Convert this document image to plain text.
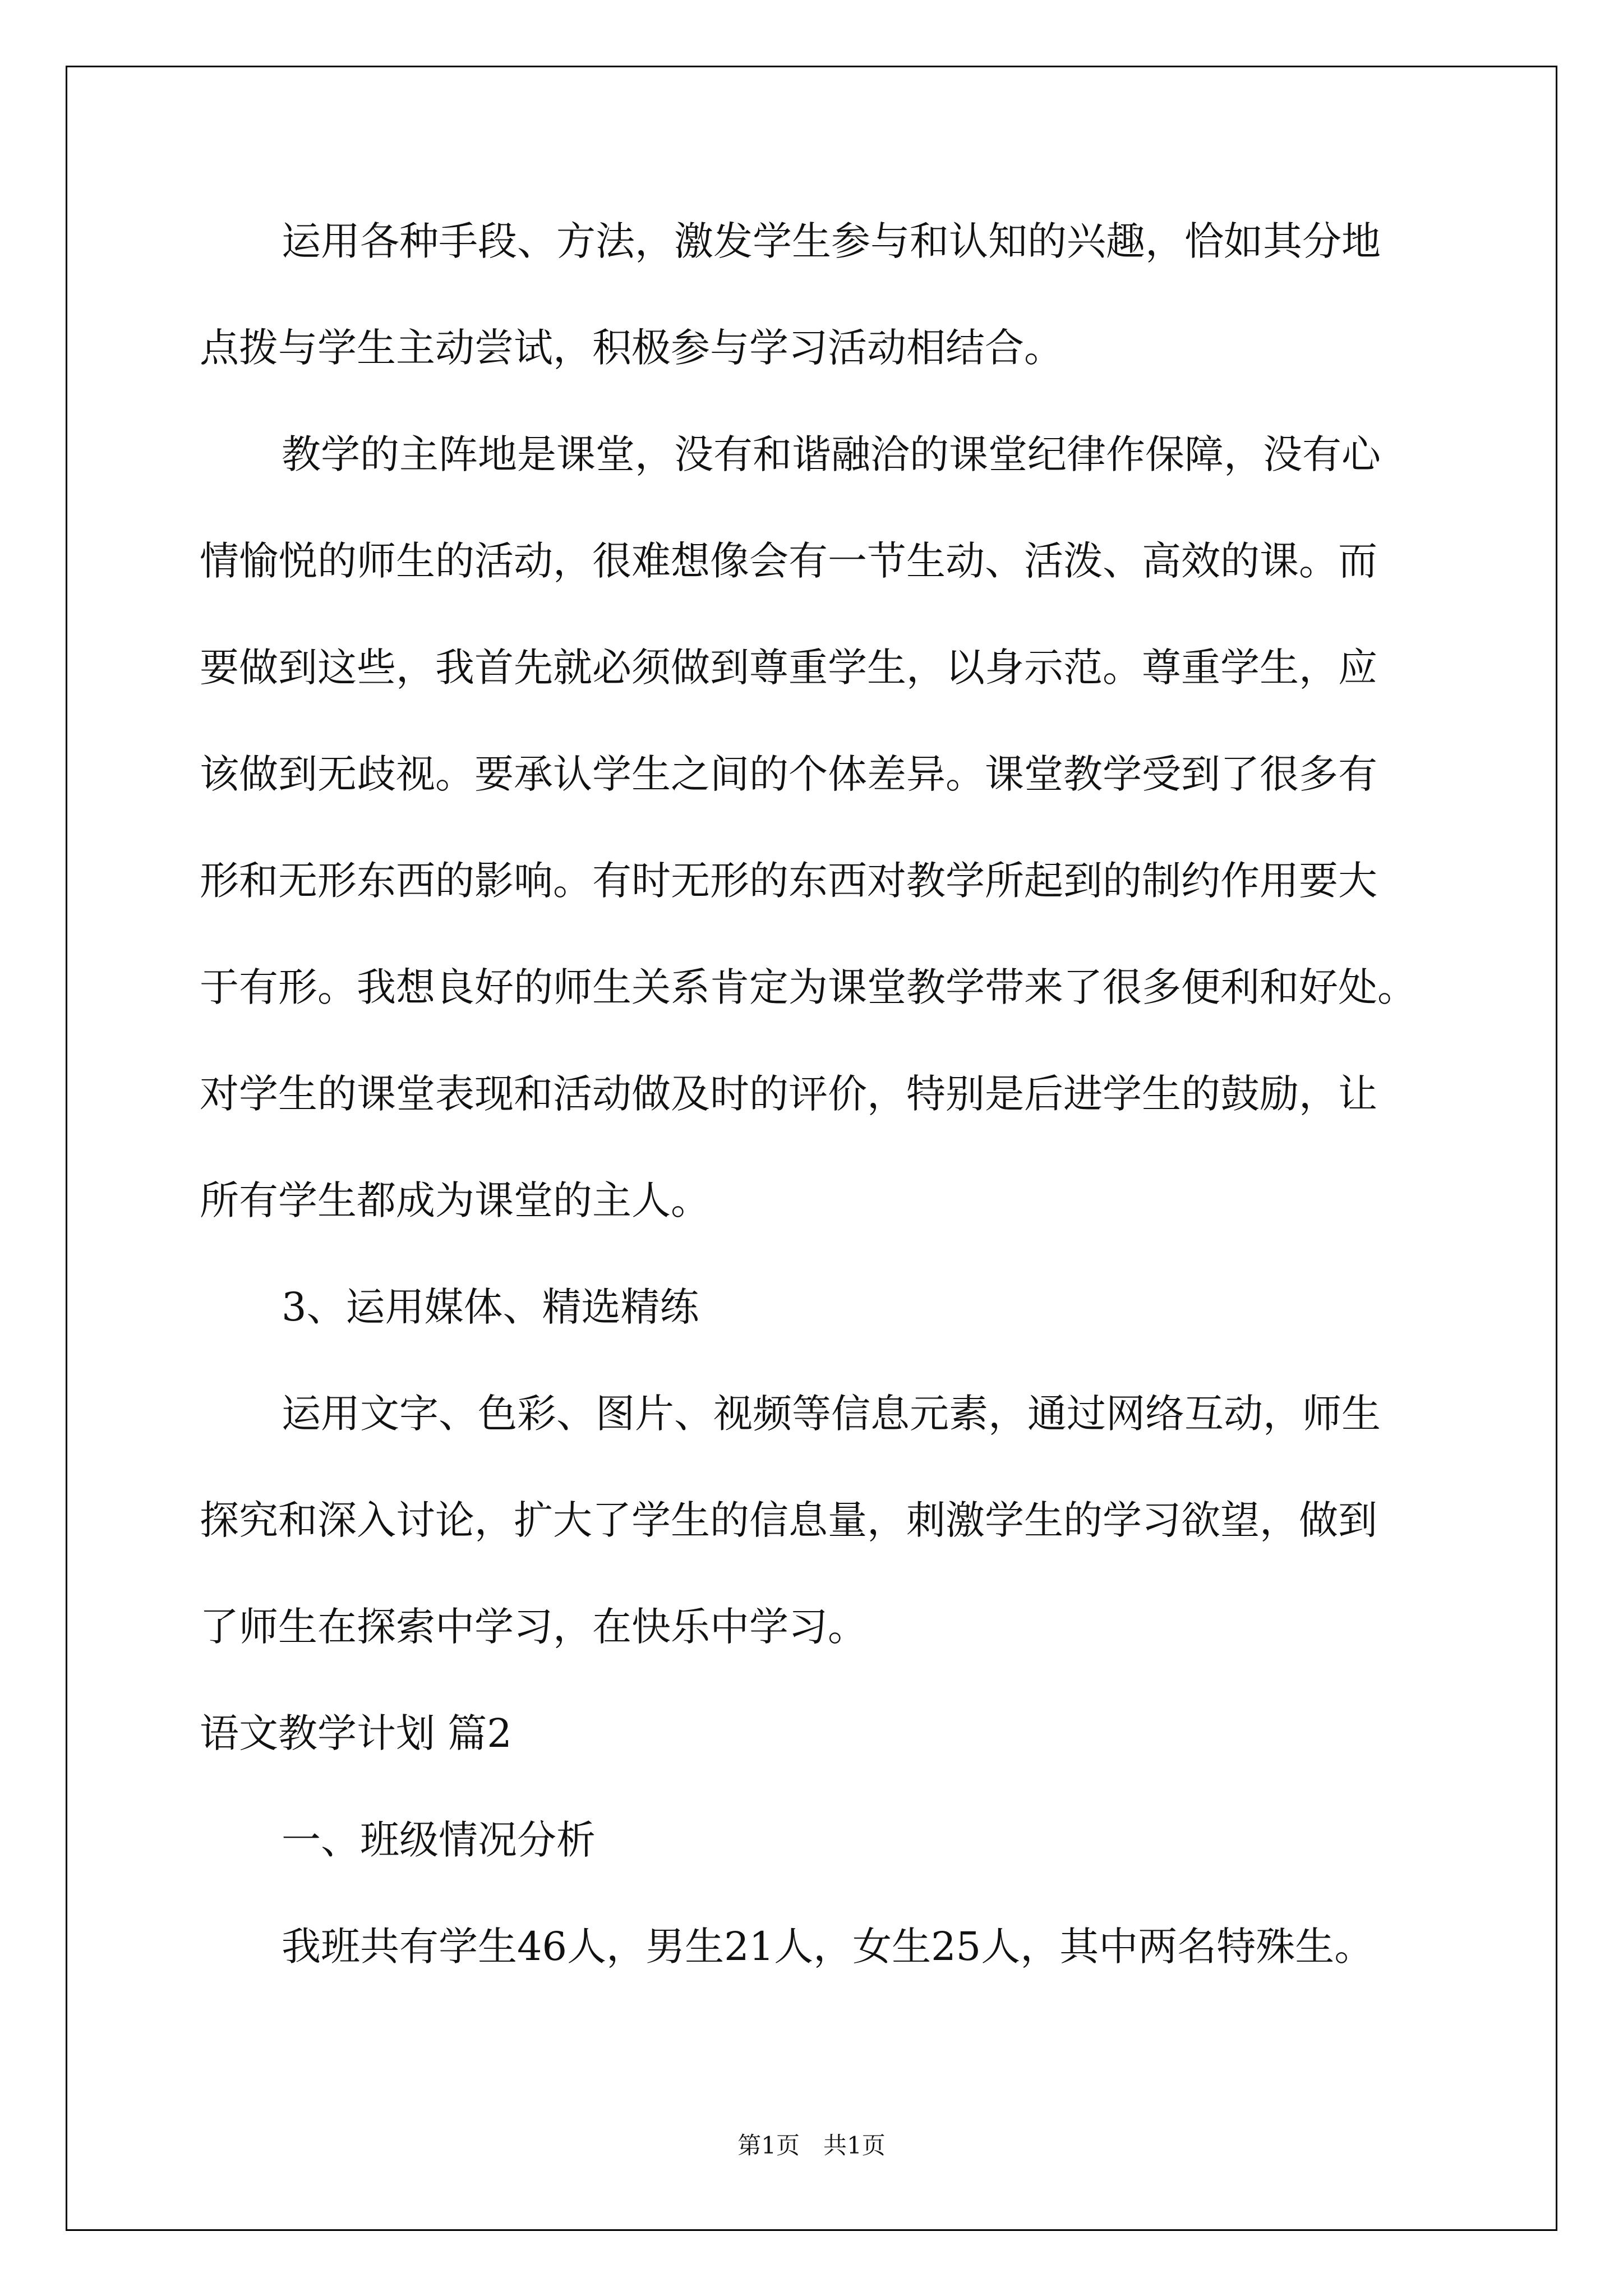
运用各种手段、方法，激发学生参与和认知的兴趣，恰如其分地
点拨与学生主动尝试，积极参与学习活动相结合。
教学的主阵地是课堂，没有和谐融洽的课堂纪律作保障，没有心
情愉悦的师生的活动，很难想像会有一节生动、活泼、高效的课。而
要做到这些，我首先就必须做到尊重学生，以身示范。尊重学生，应
该做到无歧视。要承认学生之间的个体差异。课堂教学受到了很多有
形和无形东西的影响。有时无形的东西对教学所起到的制约作用要大
于有形。我想良好的师生关系肯定为课堂教学带来了很多便利和好处。
对学生的课堂表现和活动做及时的评价，特别是后进学生的鼓励，让
所有学生都成为课堂的主人。
3、运用媒体、精选精练
运用文字、色彩、图片、视频等信息元素，通过网络互动，师生
探究和深入讨论，扩大了学生的信息量，刺激学生的学习欲望，做到
了师生在探索中学习，在快乐中学习。
语文教学计划 篇2
一、班级情况分析
我班共有学生46人，男生21人，女生25人，其中两名特殊生。
第1页　共1页
